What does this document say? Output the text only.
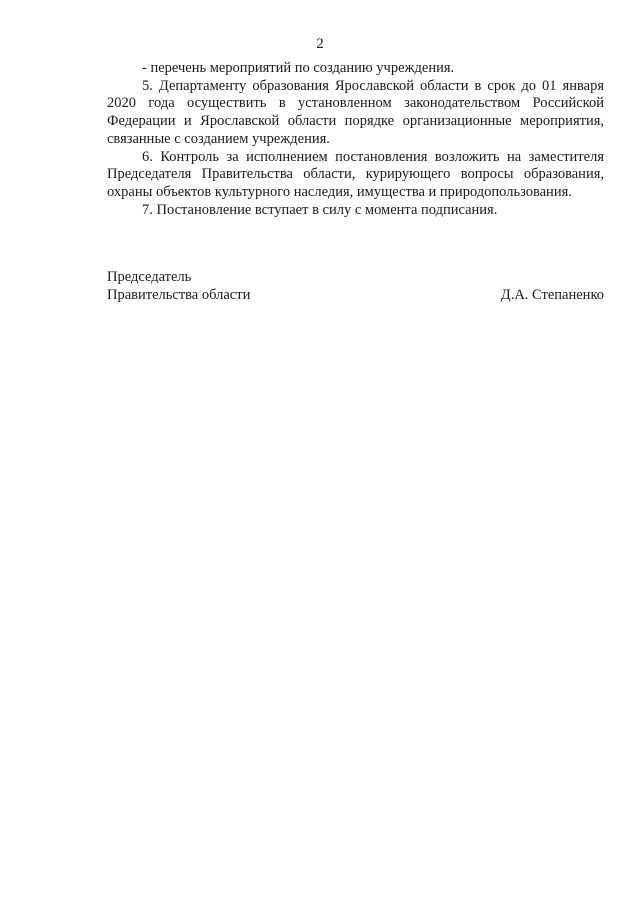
2

- перечень мероприятий по созданию учреждения.

5. Департаменту образования Ярославской области в срок до 01 января 2020 года осуществить в установленном законодательством Российской Федерации и Ярославской области порядке организационные мероприятия, связанные с созданием учреждения.

6. Контроль за исполнением постановления возложить на заместителя Председателя Правительства области, курирующего вопросы образования, охраны объектов культурного наследия, имущества и природопользования.

7. Постановление вступает в силу с момента подписания.

Председатель
Правительства области	Д.А. Степаненко
